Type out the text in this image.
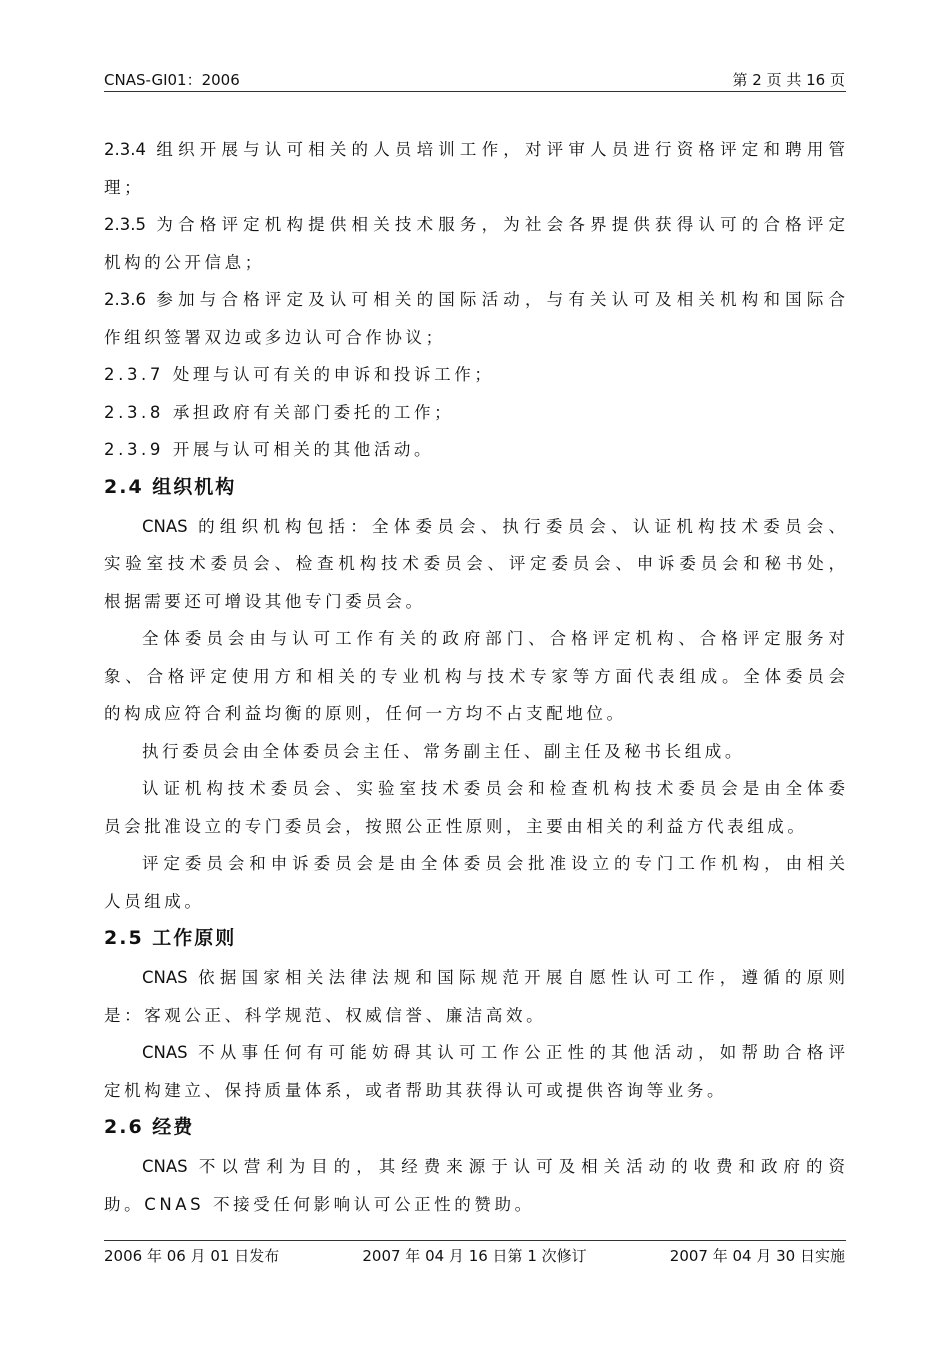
CNAS-GI01：2006	第 2 页 共 16 页
2.3.4 组织开展与认可相关的人员培训工作，对评审人员进行资格评定和聘用管
理；
2.3.5 为合格评定机构提供相关技术服务，为社会各界提供获得认可的合格评定
机构的公开信息；
2.3.6 参加与合格评定及认可相关的国际活动，与有关认可及相关机构和国际合
作组织签署双边或多边认可合作协议；
2.3.7 处理与认可有关的申诉和投诉工作；
2.3.8 承担政府有关部门委托的工作；
2.3.9 开展与认可相关的其他活动。
2.4 组织机构
CNAS 的组织机构包括：全体委员会、执行委员会、认证机构技术委员会、
实验室技术委员会、检查机构技术委员会、评定委员会、申诉委员会和秘书处，
根据需要还可增设其他专门委员会。
全体委员会由与认可工作有关的政府部门、合格评定机构、合格评定服务对
象、合格评定使用方和相关的专业机构与技术专家等方面代表组成。全体委员会
的构成应符合利益均衡的原则，任何一方均不占支配地位。
执行委员会由全体委员会主任、常务副主任、副主任及秘书长组成。
认证机构技术委员会、实验室技术委员会和检查机构技术委员会是由全体委
员会批准设立的专门委员会，按照公正性原则，主要由相关的利益方代表组成。
评定委员会和申诉委员会是由全体委员会批准设立的专门工作机构，由相关
人员组成。
2.5 工作原则
CNAS 依据国家相关法律法规和国际规范开展自愿性认可工作，遵循的原则
是：客观公正、科学规范、权威信誉、廉洁高效。
CNAS 不从事任何有可能妨碍其认可工作公正性的其他活动，如帮助合格评
定机构建立、保持质量体系，或者帮助其获得认可或提供咨询等业务。
2.6 经费
CNAS 不以营利为目的，其经费来源于认可及相关活动的收费和政府的资
助。CNAS 不接受任何影响认可公正性的赞助。
2006 年 06 月 01 日发布	2007 年 04 月 16 日第 1 次修订	2007 年 04 月 30 日实施
